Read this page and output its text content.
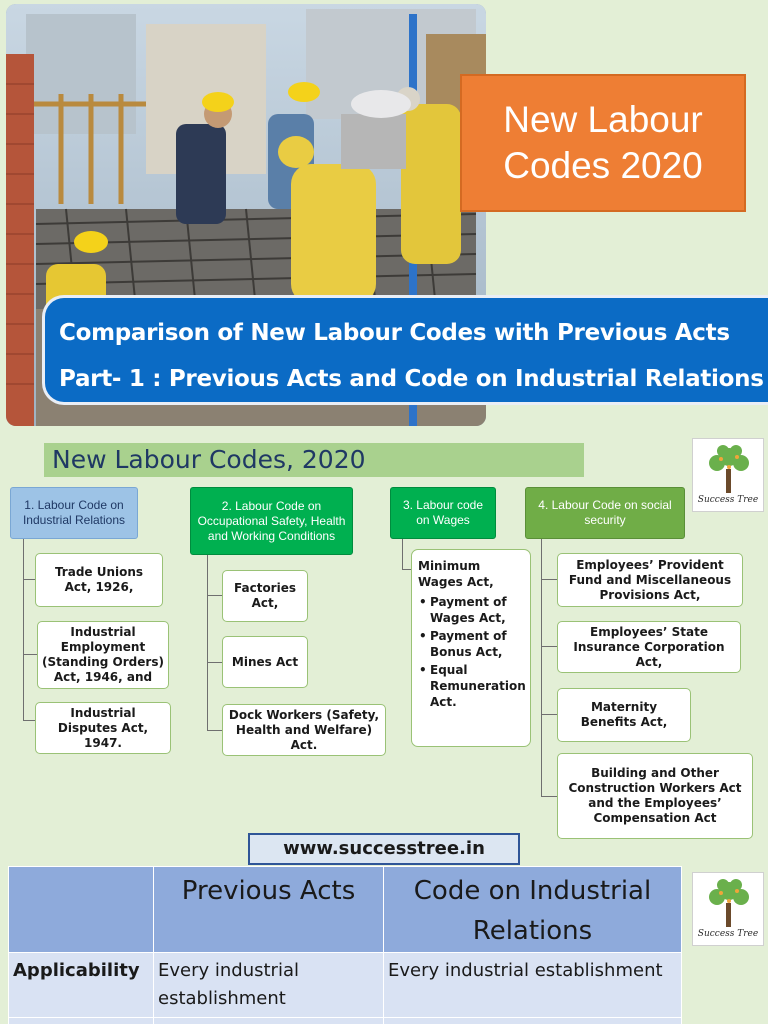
New Labour
Codes 2020
Comparison of New Labour Codes with Previous Acts
Part- 1 : Previous Acts and Code on Industrial Relations
New Labour Codes, 2020
Success Tree
1. Labour Code on Industrial Relations
Trade Unions Act, 1926,
Industrial Employment (Standing Orders) Act, 1946, and
Industrial Disputes Act, 1947.
2. Labour Code on Occupational Safety, Health and Working Conditions
Factories Act,
Mines Act
Dock Workers (Safety, Health and Welfare) Act.
3. Labour code on Wages
Minimum Wages Act,
• Payment of Wages Act,
• Payment of Bonus Act,
• Equal Remuneration Act.
4. Labour Code on social security
Employees’ Provident Fund and Miscellaneous Provisions Act,
Employees’ State Insurance Corporation Act,
Maternity Benefits Act,
Building and Other Construction Workers Act and the Employees’ Compensation Act
www.successtree.in
	Previous Acts	Code on Industrial Relations
Applicability	Every industrial establishment	Every industrial establishment

Success Tree
